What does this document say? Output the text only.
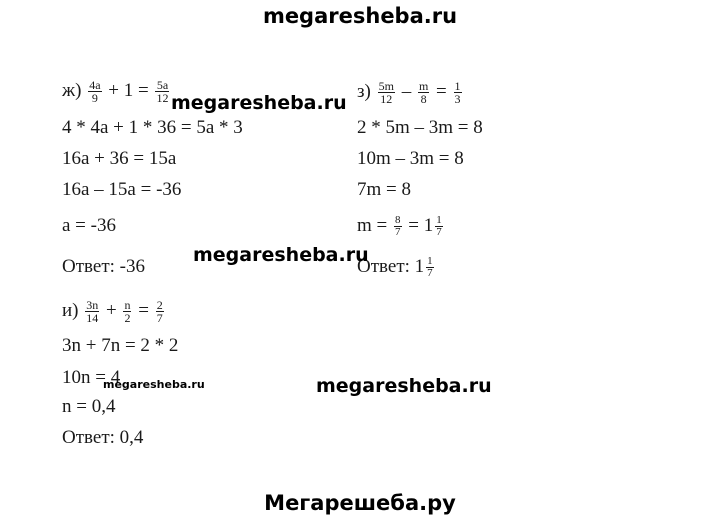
megaresheba.ru
$ж) \frac{4a}{9} + 1 = \frac{5a}{12}$ megaresheba.ru
4 * 4a + 1 * 36 = 5a * 3
16a + 36 = 15a
16a – 15a = -36
a = -36
Ответ: -36
$з) \frac{5m}{12} - \frac{m}{8} = \frac{1}{3}$
2 * 5m – 3m = 8
10m – 3m = 8
7m = 8
$m = \frac{8}{7} = 1 \frac{1}{7}$
Ответ: $1 \frac{1}{7}$
megaresheba.ru
$и) \frac{3n}{14} + \frac{n}{2} = \frac{2}{7}$
3n + 7n = 2 * 2
10n = 4
megaresheba.ru
n = 0,4
Ответ: 0,4
megaresheba.ru
Мегарешеба.ру
